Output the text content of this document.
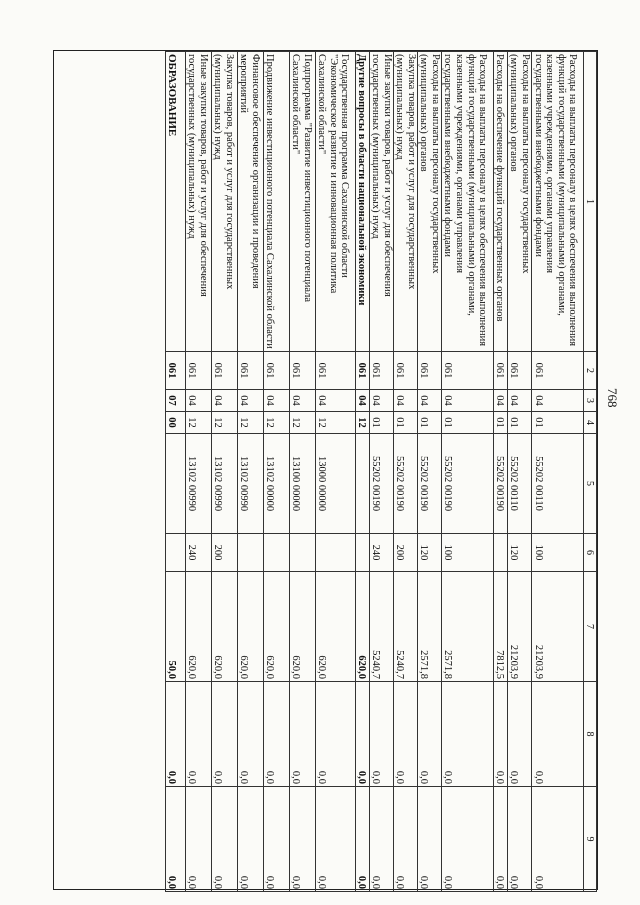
768
1	2	3	4	5	6	7	8	9
Расходы на выплаты персоналу в целях обеспечения выполнения функций государственными (муниципальными) органами, казенными учреждениями, органами управления государственными внебюджетными фондами	061	04	01	55202 00110	100	21203,9	0,0	0,0
Расходы на выплаты персоналу государственных (муниципальных) органов	061	04	01	55202 00110	120	21203,9	0,0	0,0
Расходы на обеспечение функций государственных органов	061	04	01	55202 00190		7812,5	0,0	0,0
Расходы на выплаты персоналу в целях обеспечения выполнения функций государственными (муниципальными) органами, казенными учреждениями, органами управления государственными внебюджетными фондами	061	04	01	55202 00190	100	2571,8	0,0	0,0
Расходы на выплаты персоналу государственных (муниципальных) органов	061	04	01	55202 00190	120	2571,8	0,0	0,0
Закупка товаров, работ и услуг для государственных (муниципальных) нужд	061	04	01	55202 00190	200	5240,7	0,0	0,0
Иные закупки товаров, работ и услуг для обеспечения государственных (муниципальных) нужд	061	04	01	55202 00190	240	5240,7	0,0	0,0
Другие вопросы в области национальной экономики	061	04	12			620,0	0,0	0,0
Государственная программа Сахалинской области "Экономическое развитие и инновационная политика Сахалинской области"	061	04	12	13000 00000		620,0	0,0	0,0
Подпрограмма "Развитие инвестиционного потенциала Сахалинской области"	061	04	12	13100 00000		620,0	0,0	0,0
Продвижение инвестиционного потенциала Сахалинской области	061	04	12	13102 00000		620,0	0,0	0,0
Финансовое обеспечение организации и проведения мероприятий	061	04	12	13102 00990		620,0	0,0	0,0
Закупка товаров, работ и услуг для государственных (муниципальных) нужд	061	04	12	13102 00990	200	620,0	0,0	0,0
Иные закупки товаров, работ и услуг для обеспечения государственных (муниципальных) нужд	061	04	12	13102 00990	240	620,0	0,0	0,0
ОБРАЗОВАНИЕ	061	07	00			50,0	0,0	0,0
